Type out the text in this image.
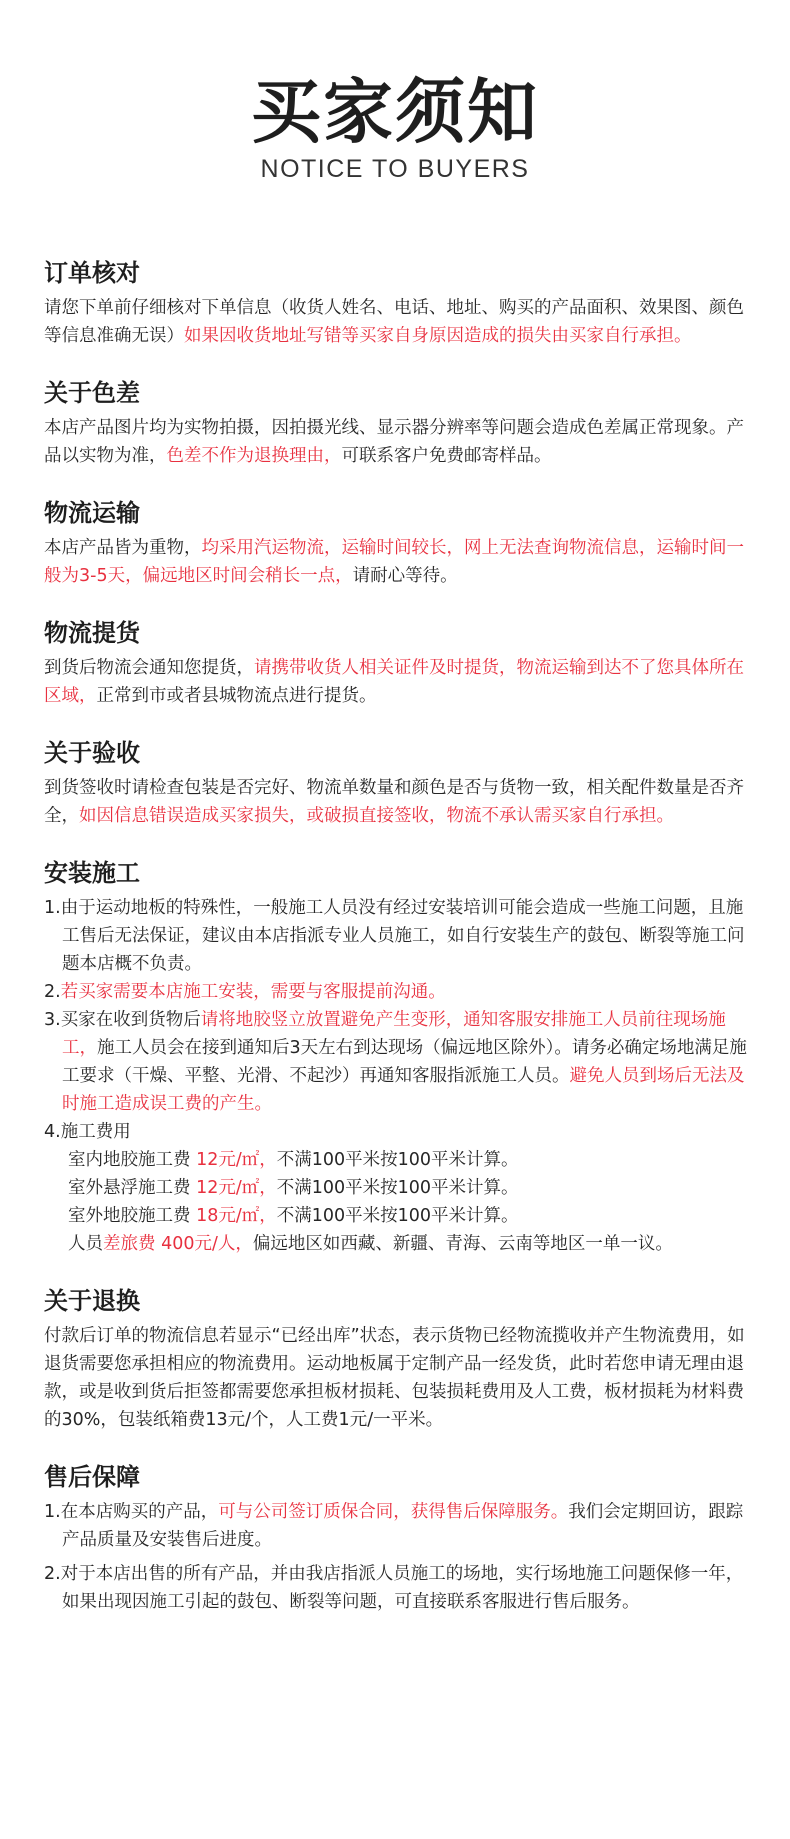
买家须知
NOTICE TO BUYERS
订单核对

请您下单前仔细核对下单信息（收货人姓名、电话、地址、购买的产品面积、效果图、颜色等信息准确无误）如果因收货地址写错等买家自身原因造成的损失由买家自行承担。

关于色差

本店产品图片均为实物拍摄，因拍摄光线、显示器分辨率等问题会造成色差属正常现象。产品以实物为准，色差不作为退换理由，可联系客户免费邮寄样品。

物流运输

本店产品皆为重物，均采用汽运物流，运输时间较长，网上无法查询物流信息，运输时间一般为3-5天，偏远地区时间会稍长一点，请耐心等待。

物流提货

到货后物流会通知您提货，请携带收货人相关证件及时提货，物流运输到达不了您具体所在区域，正常到市或者县城物流点进行提货。

关于验收

到货签收时请检查包装是否完好、物流单数量和颜色是否与货物一致，相关配件数量是否齐全，如因信息错误造成买家损失，或破损直接签收，物流不承认需买家自行承担。

安装施工

1.由于运动地板的特殊性，一般施工人员没有经过安装培训可能会造成一些施工问题，且施工售后无法保证，建议由本店指派专业人员施工，如自行安装生产的鼓包、断裂等施工问题本店概不负责。

2.若买家需要本店施工安装，需要与客服提前沟通。

3.买家在收到货物后请将地胶竖立放置避免产生变形，通知客服安排施工人员前往现场施工，施工人员会在接到通知后3天左右到达现场（偏远地区除外）。请务必确定场地满足施工要求（干燥、平整、光滑、不起沙）再通知客服指派施工人员。避免人员到场后无法及时施工造成误工费的产生。

4.施工费用

室内地胶施工费 12元/㎡，不满100平米按100平米计算。

室外悬浮施工费 12元/㎡，不满100平米按100平米计算。

室外地胶施工费 18元/㎡，不满100平米按100平米计算。

人员差旅费 400元/人，偏远地区如西藏、新疆、青海、云南等地区一单一议。

关于退换

付款后订单的物流信息若显示“已经出库”状态，表示货物已经物流揽收并产生物流费用，如退货需要您承担相应的物流费用。运动地板属于定制产品一经发货，此时若您申请无理由退款，或是收到货后拒签都需要您承担板材损耗、包装损耗费用及人工费，板材损耗为材料费的30%，包装纸箱费13元/个，人工费1元/一平米。

售后保障

1.在本店购买的产品，可与公司签订质保合同，获得售后保障服务。我们会定期回访，跟踪产品质量及安装售后进度。

2.对于本店出售的所有产品，并由我店指派人员施工的场地，实行场地施工问题保修一年，如果出现因施工引起的鼓包、断裂等问题，可直接联系客服进行售后服务。
